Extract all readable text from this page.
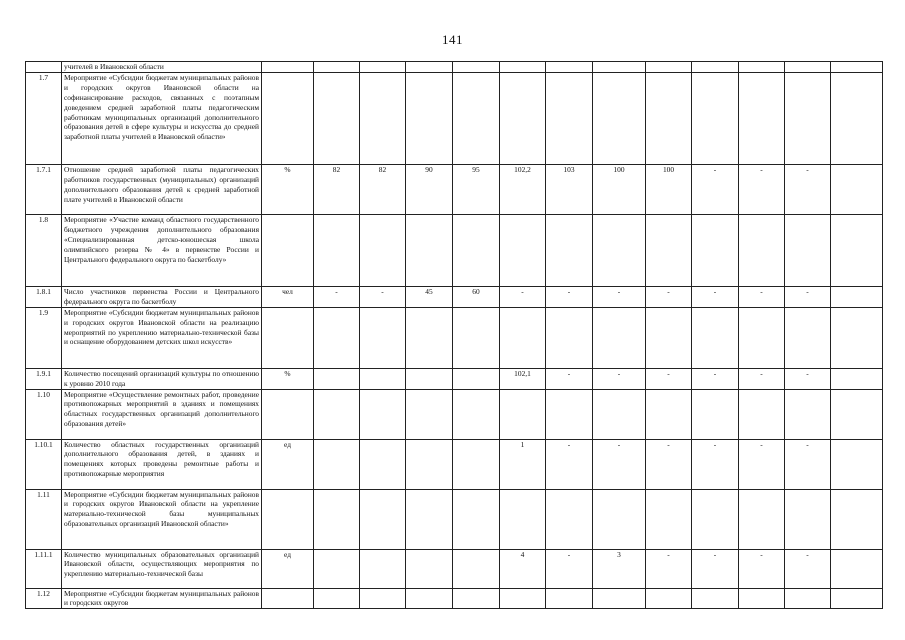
141
	учителей в Ивановской области													
1.7	Мероприятие «Субсидии бюджетам муниципальных районов и городских округов Ивановской области на софинансирование расходов, связанных с поэтапным доведением средней заработной платы педагогическим работникам муниципальных организаций дополнительного образования детей в сфере культуры и искусства до средней заработной платы учителей в Ивановской области»													
1.7.1	Отношение средней заработной платы педагогических работников государственных (муниципальных) организаций дополнительного образования детей к средней заработной плате учителей в Ивановской области	%	82	82	90	95	102,2	103	100	100	-	-	-	
1.8	Мероприятие «Участие команд областного государственного бюджетного учреждения дополнительного образования «Специализированная детско-юношеская школа олимпийского резерва № 4» в первенстве России и Центрального федерального округа по баскетболу»													
1.8.1	Число участников первенства России и Центрального федерального округа по баскетболу	чел	-	-	45	60	-	-	-	-	-	-	-	
1.9	Мероприятие «Субсидии бюджетам муниципальных районов и городских округов Ивановской области на реализацию мероприятий по укреплению материально-технической базы и оснащение оборудованием детских школ искусств»													
1.9.1	Количество посещений организаций культуры по отношению к уровню 2010 года	%					102,1	-	-	-	-	-	-	
1.10	Мероприятие «Осуществление ремонтных работ, проведение противопожарных мероприятий в зданиях и помещениях областных государственных организаций дополнительного образования детей»													
1.10.1	Количество областных государственных организаций дополнительного образования детей, в зданиях и помещениях которых проведены ремонтные работы и противопожарные мероприятия	ед					1	-	-	-	-	-	-	
1.11	Мероприятие «Субсидии бюджетам муниципальных районов и городских округов Ивановской области на укрепление материально-технической базы муниципальных образовательных организаций Ивановской области»													
1.11.1	Количество муниципальных образовательных организаций Ивановской области, осуществляющих мероприятия по укреплению материально-технической базы	ед					4	-	3	-	-	-	-	
1.12	Мероприятие «Субсидии бюджетам муниципальных районов и городских округов													
